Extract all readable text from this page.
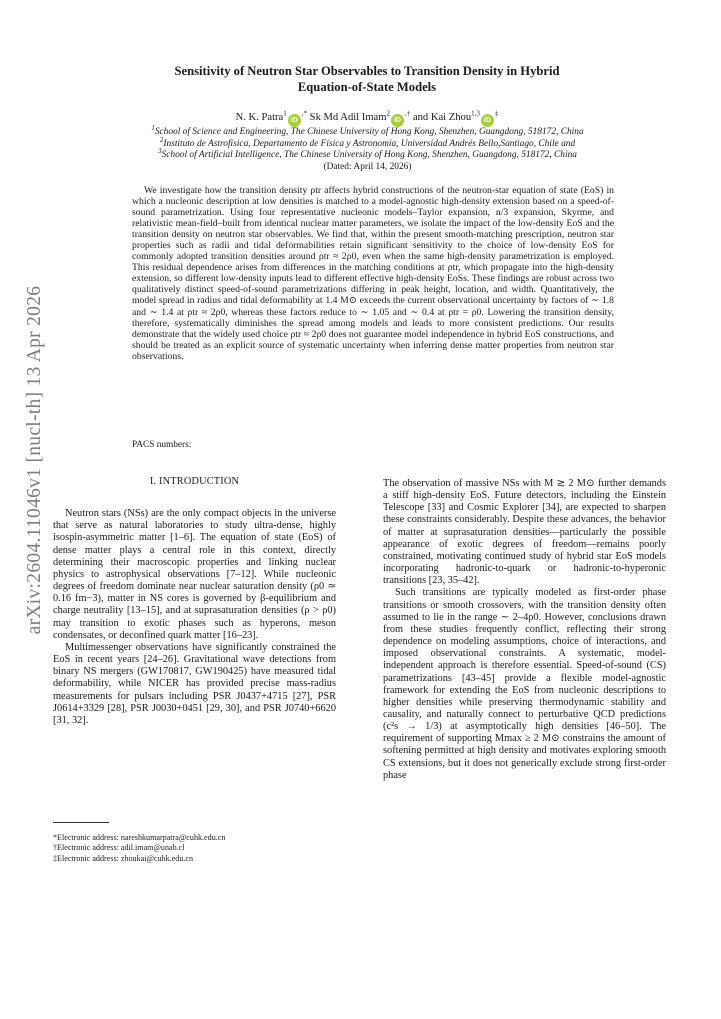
arXiv:2604.11046v1 [nucl-th] 13 Apr 2026
Sensitivity of Neutron Star Observables to Transition Density in Hybrid
Equation-of-State Models
N. K. Patra$^1$iD,* Sk Md Adil Imam$^2$iD,† and Kai Zhou$^{1,3}$iD‡
$^1$School of Science and Engineering, The Chinese University of Hong Kong, Shenzhen, Guangdong, 518172, China
$^2$Instituto de Astrofísica, Departamento de Física y Astronomía, Universidad Andrés Bello,Santiago, Chile and
$^3$School of Artificial Intelligence, The Chinese University of Hong Kong, Shenzhen, Guangdong, 518172, China
(Dated: April 14, 2026)

We investigate how the transition density ρtr affects hybrid constructions of the neutron-star equation of state (EoS) in which a nucleonic description at low densities is matched to a model-agnostic high-density extension based on a speed-of-sound parametrization. Using four representative nucleonic models–Taylor expansion, n/3 expansion, Skyrme, and relativistic mean-field–built from identical nuclear matter parameters, we isolate the impact of the low-density EoS and the transition density on neutron star observables. We find that, within the present smooth-matching prescription, neutron star properties such as radii and tidal deformabilities retain significant sensitivity to the choice of low-density EoS for commonly adopted transition densities around ρtr ≈ 2ρ0, even when the same high-density parametrization is employed. This residual dependence arises from differences in the matching conditions at ρtr, which propagate into the high-density extension, so different low-density inputs lead to different effective high-density EoSs. These findings are robust across two qualitatively distinct speed-of-sound parametrizations differing in peak height, location, and width. Quantitatively, the model spread in radius and tidal deformability at 1.4 M⊙ exceeds the current observational uncertainty by factors of ∼ 1.8 and ∼ 1.4 at ρtr ≈ 2ρ0, whereas these factors reduce to ∼ 1.05 and ∼ 0.4 at ρtr = ρ0. Lowering the transition density, therefore, systematically diminishes the spread among models and leads to more consistent predictions. Our results demonstrate that the widely used choice ρtr ≈ 2ρ0 does not guarantee model independence in hybrid EoS constructions, and should be treated as an explicit source of systematic uncertainty when inferring dense matter properties from neutron star observations.

PACS numbers:
I. INTRODUCTION

Neutron stars (NSs) are the only compact objects in the universe that serve as natural laboratories to study ultra-dense, highly isospin-asymmetric matter [1–6]. The equation of state (EoS) of dense matter plays a central role in this context, directly determining their macroscopic properties and linking nuclear physics to astrophysical observations [7–12]. While nucleonic degrees of freedom dominate near nuclear saturation density (ρ0 ≃ 0.16 fm−3), matter in NS cores is governed by β-equilibrium and charge neutrality [13–15], and at suprasaturation densities (ρ > ρ0) may transition to exotic phases such as hyperons, meson condensates, or deconfined quark matter [16–23].

Multimessenger observations have significantly constrained the EoS in recent years [24–26]. Gravitational wave detections from binary NS mergers (GW170817, GW190425) have measured tidal deformability, while NICER has provided precise mass-radius measurements for pulsars including PSR J0437+4715 [27], PSR J0614+3329 [28], PSR J0030+0451 [29, 30], and PSR J0740+6620 [31, 32].

The observation of massive NSs with M ≳ 2 M⊙ further demands a stiff high-density EoS. Future detectors, including the Einstein Telescope [33] and Cosmic Explorer [34], are expected to sharpen these constraints considerably. Despite these advances, the behavior of matter at suprasaturation densities—particularly the possible appearance of exotic degrees of freedom—remains poorly constrained, motivating continued study of hybrid star EoS models incorporating hadronic-to-quark or hadronic-to-hyperonic transitions [23, 35–42].

Such transitions are typically modeled as first-order phase transitions or smooth crossovers, with the transition density often assumed to lie in the range ∼ 2–4ρ0. However, conclusions drawn from these studies frequently conflict, reflecting their strong dependence on modeling assumptions, choice of interactions, and imposed observational constraints. A systematic, model-independent approach is therefore essential. Speed-of-sound (CS) parametrizations [43–45] provide a flexible model-agnostic framework for extending the EoS from nucleonic descriptions to higher densities while preserving thermodynamic stability and causality, and naturally connect to perturbative QCD predictions (c²s → 1/3) at asymptotically high densities [46–50]. The requirement of supporting Mmax ≥ 2 M⊙ constrains the amount of softening permitted at high density and motivates exploring smooth CS extensions, but it does not generically exclude strong first-order phase

*Electronic address: nareshkumarpatra@cuhk.edu.cn
†Electronic address: adil.imam@unab.cl
‡Electronic address: zhoukai@cuhk.edu.cn
